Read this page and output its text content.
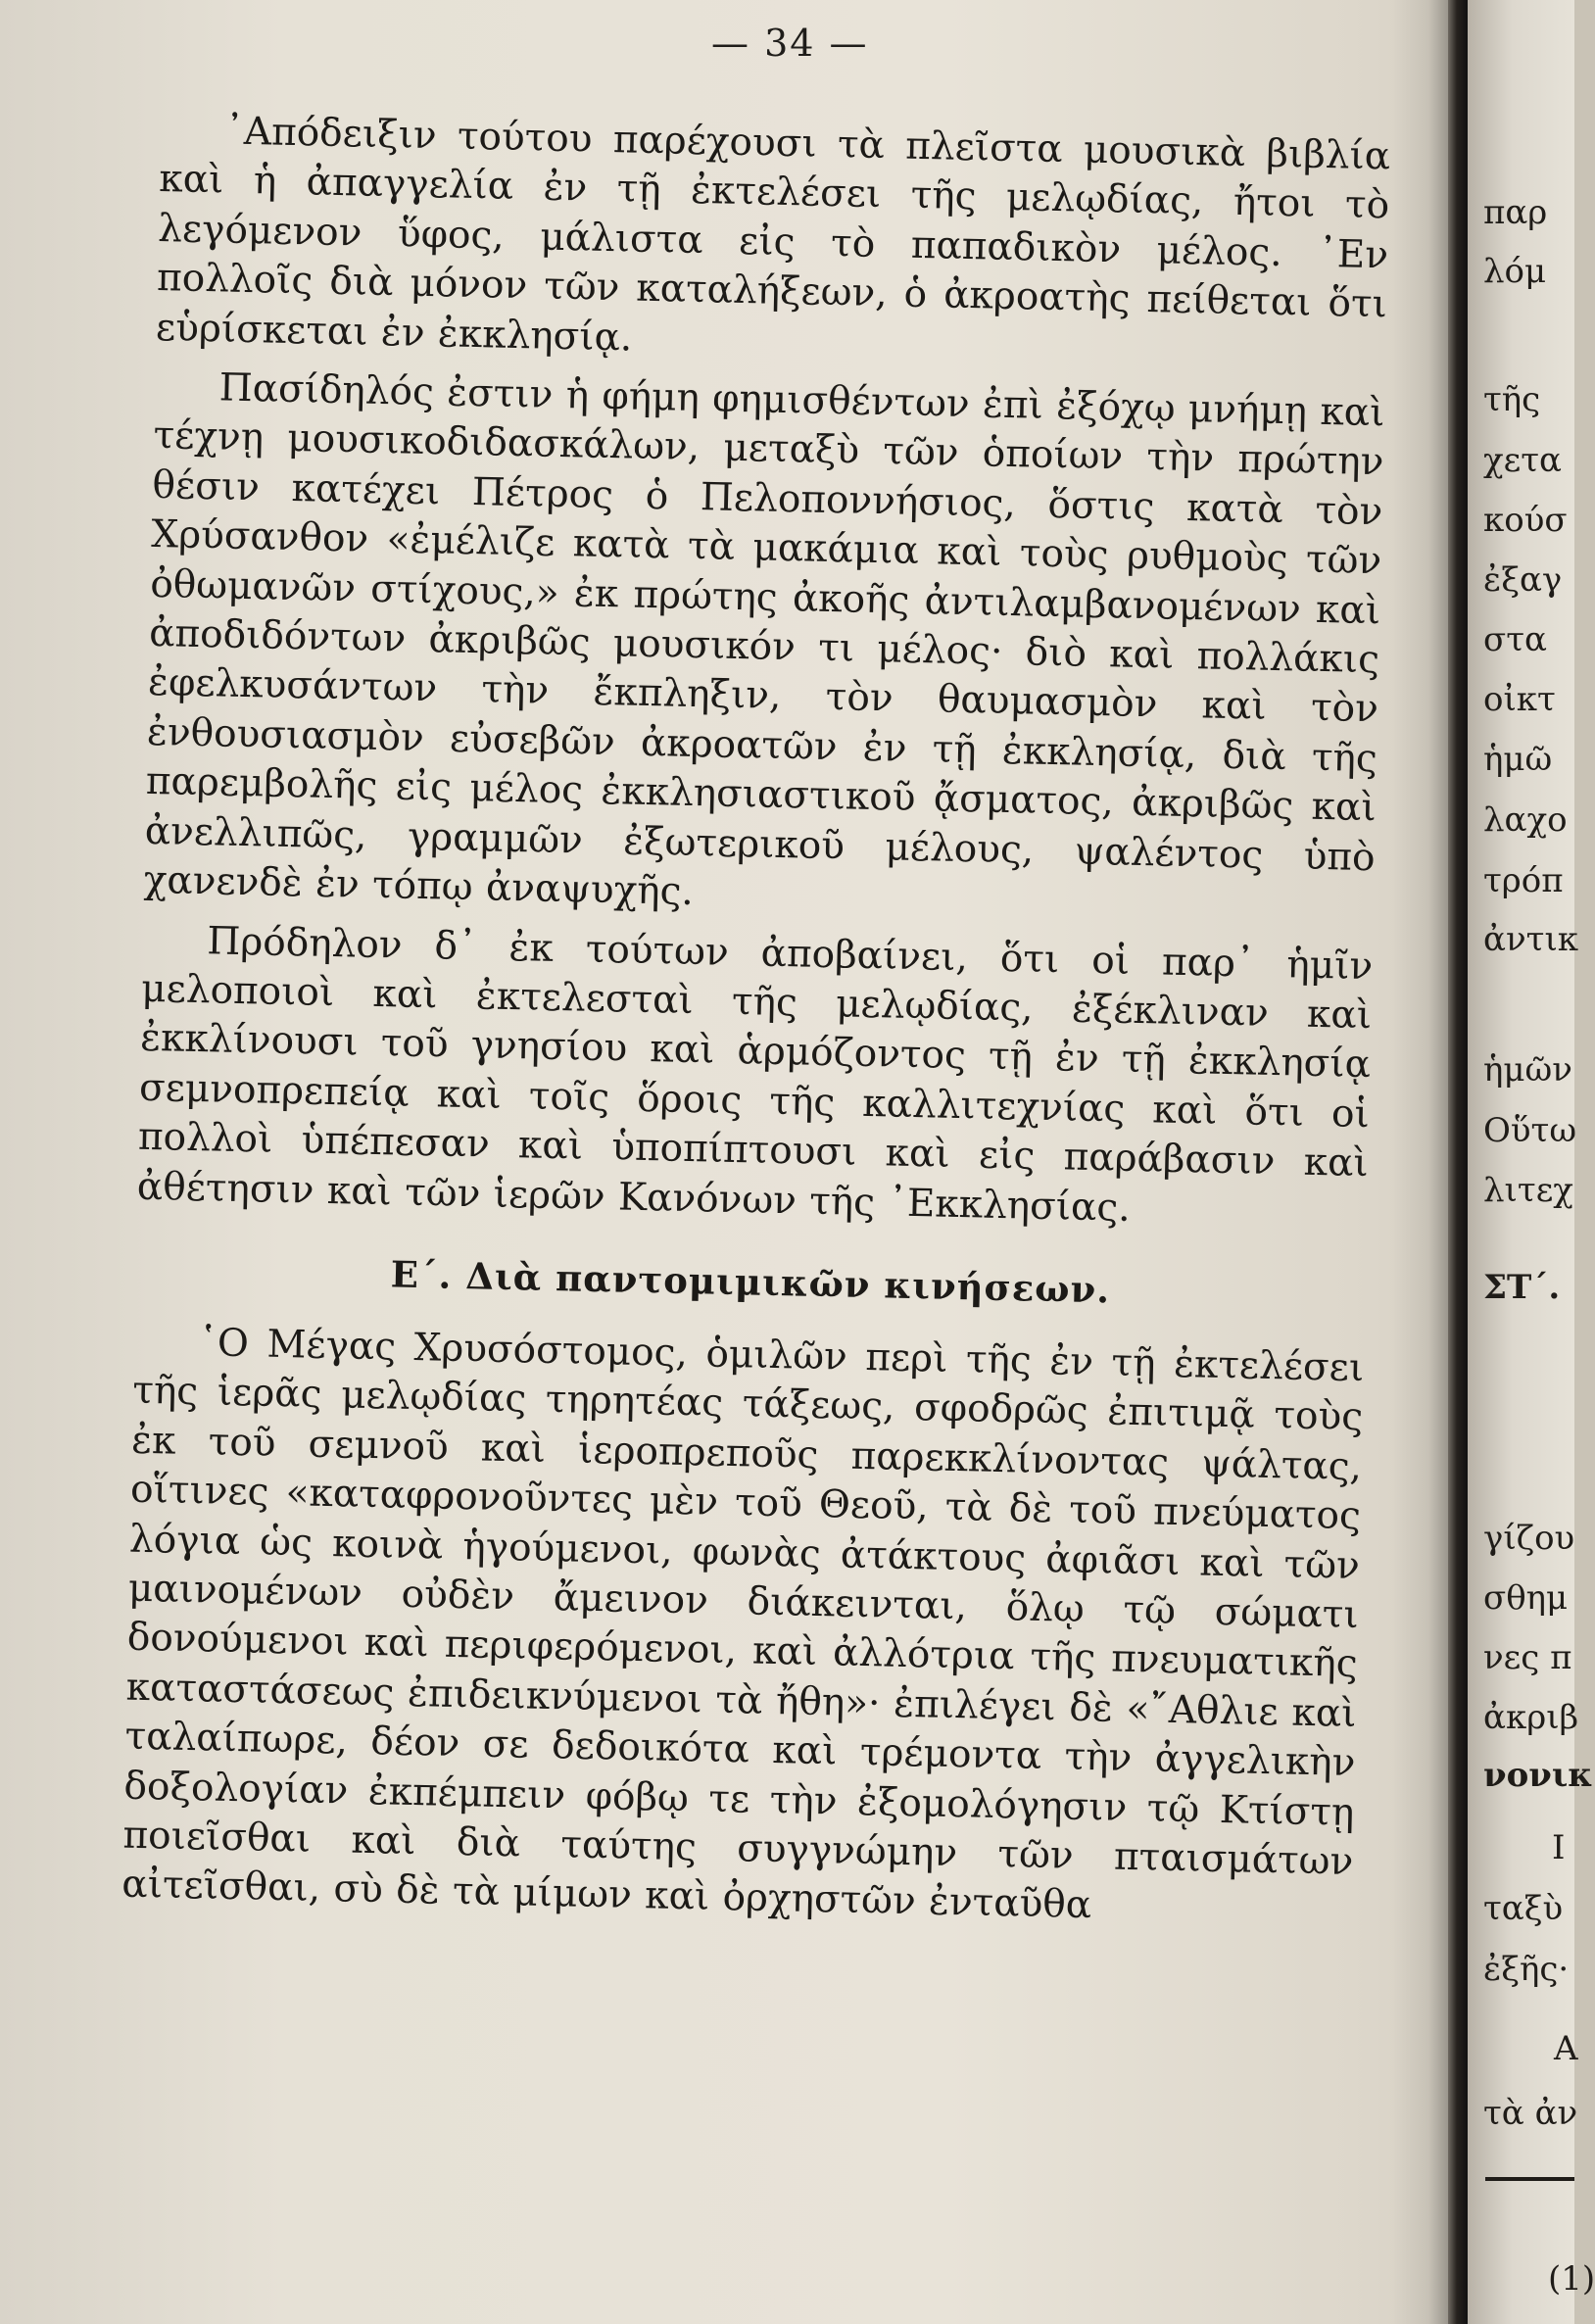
— 34 —

᾿Απόδειξιν τούτου παρέχουσι τὰ πλεῖστα μουσικὰ βιβλία καὶ ἡ ἀπαγγελία ἐν τῇ ἐκτελέσει τῆς μελῳδίας, ἤτοι τὸ λεγόμενον ὕφος, μάλιστα εἰς τὸ παπαδικὸν μέλος. ᾿Εν πολλοῖς διὰ μόνον τῶν καταλήξεων, ὁ ἀκροατὴς πείθεται ὅτι εὑρίσκεται ἐν ἐκκλησίᾳ.

Πασίδηλός ἐστιν ἡ φήμη φημισθέντων ἐπὶ ἐξόχῳ μνήμῃ καὶ τέχνῃ μουσικοδιδασκάλων, μεταξὺ τῶν ὁποίων τὴν πρώτην θέσιν κατέχει Πέτρος ὁ Πελοποννήσιος, ὅστις κατὰ τὸν Χρύσανθον «ἐμέλιζε κατὰ τὰ μακάμια καὶ τοὺς ρυθμοὺς τῶν ὀθωμανῶν στίχους,» ἐκ πρώτης ἀκοῆς ἀντιλαμβανομένων καὶ ἀποδιδόντων ἀκριβῶς μουσικόν τι μέλος· διὸ καὶ πολλάκις ἐφελκυσάντων τὴν ἔκπληξιν, τὸν θαυμασμὸν καὶ τὸν ἐνθουσιασμὸν εὐσεβῶν ἀκροατῶν ἐν τῇ ἐκκλησίᾳ, διὰ τῆς παρεμβολῆς εἰς μέλος ἐκκλησιαστικοῦ ᾄσματος, ἀκριβῶς καὶ ἀνελλιπῶς, γραμμῶν ἐξωτερικοῦ μέλους, ψαλέντος ὑπὸ χανενδὲ ἐν τόπῳ ἀναψυχῆς.

Πρόδηλον δ᾿ ἐκ τούτων ἀποβαίνει, ὅτι οἱ παρ᾿ ἡμῖν μελοποιοὶ καὶ ἐκτελεσταὶ τῆς μελῳδίας, ἐξέκλιναν καὶ ἐκκλίνουσι τοῦ γνησίου καὶ ἁρμόζοντος τῇ ἐν τῇ ἐκκλησίᾳ σεμνοπρεπείᾳ καὶ τοῖς ὅροις τῆς καλλιτεχνίας καὶ ὅτι οἱ πολλοὶ ὑπέπεσαν καὶ ὑποπίπτουσι καὶ εἰς παράβασιν καὶ ἀθέτησιν καὶ τῶν ἱερῶν Κανόνων τῆς ᾿Εκκλησίας.

Ε΄. Διὰ παντομιμικῶν κινήσεων.

῾Ο Μέγας Χρυσόστομος, ὁμιλῶν περὶ τῆς ἐν τῇ ἐκτελέσει τῆς ἱερᾶς μελῳδίας τηρητέας τάξεως, σφοδρῶς ἐπιτιμᾷ τοὺς ἐκ τοῦ σεμνοῦ καὶ ἱεροπρεποῦς παρεκκλίνοντας ψάλτας, οἵτινες «καταφρονοῦντες μὲν τοῦ Θεοῦ, τὰ δὲ τοῦ πνεύματος λόγια ὡς κοινὰ ἡγούμενοι, φωνὰς ἀτάκτους ἀφιᾶσι καὶ τῶν μαινομένων οὐδὲν ἄμεινον διάκεινται, ὅλῳ τῷ σώματι δονούμενοι καὶ περιφερόμενοι, καὶ ἀλλότρια τῆς πνευματικῆς καταστάσεως ἐπιδεικνύμενοι τὰ ἤθη»· ἐπιλέγει δὲ «῎Αθλιε καὶ ταλαίπωρε, δέον σε δεδοικότα καὶ τρέμοντα τὴν ἀγγελικὴν δοξολογίαν ἐκπέμπειν φόβῳ τε τὴν ἐξομολόγησιν τῷ Κτίστῃ ποιεῖσθαι καὶ διὰ ταύτης συγγνώμην τῶν πταισμάτων αἰτεῖσθαι, σὺ δὲ τὰ μίμων καὶ ὀρχηστῶν ἐνταῦθα

παρ
λόμ
τῆς
χετα
κούσ
ἐξαγ
στα
οἰκτ
ἡμῶ
λαχο
τρόπ
ἀντικ
ἡμῶν
Οὕτω
λιτεχ
ΣΤ΄.
γίζου
σθημ
νες π
ἀκριβ
νονικ
Ι
ταξὺ
ἐξῆς·
Α
τὰ ἀν
(1)
